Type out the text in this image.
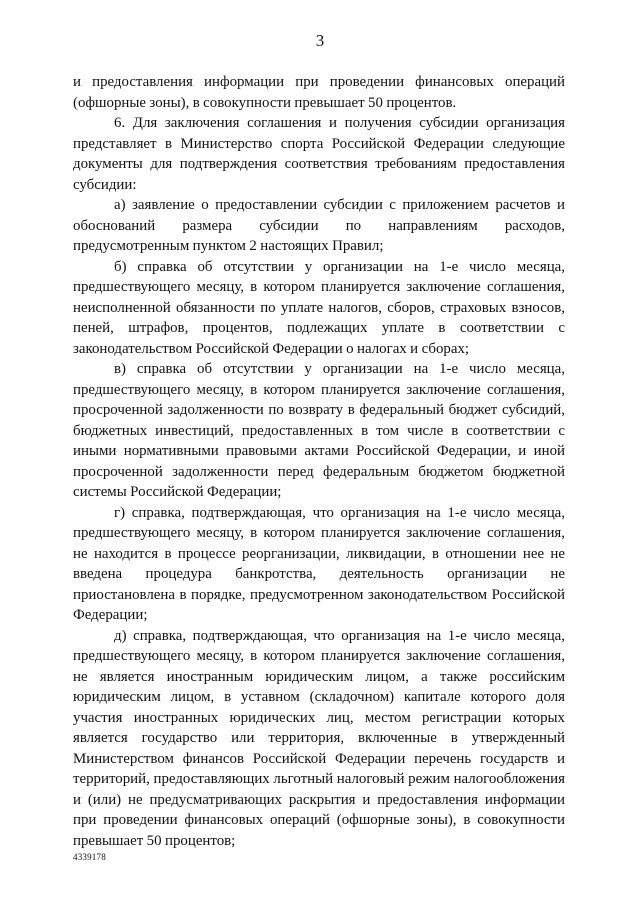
3

и предоставления информации при проведении финансовых операций (офшорные зоны), в совокупности превышает 50 процентов.

6. Для заключения соглашения и получения субсидии организация представляет в Министерство спорта Российской Федерации следующие документы для подтверждения соответствия требованиям предоставления субсидии:

а) заявление о предоставлении субсидии с приложением расчетов и обоснований размера субсидии по направлениям расходов, предусмотренным пунктом 2 настоящих Правил;

б) справка об отсутствии у организации на 1-е число месяца, предшествующего месяцу, в котором планируется заключение соглашения, неисполненной обязанности по уплате налогов, сборов, страховых взносов, пеней, штрафов, процентов, подлежащих уплате в соответствии с законодательством Российской Федерации о налогах и сборах;

в) справка об отсутствии у организации на 1-е число месяца, предшествующего месяцу, в котором планируется заключение соглашения, просроченной задолженности по возврату в федеральный бюджет субсидий, бюджетных инвестиций, предоставленных в том числе в соответствии с иными нормативными правовыми актами Российской Федерации, и иной просроченной задолженности перед федеральным бюджетом бюджетной системы Российской Федерации;

г) справка, подтверждающая, что организация на 1-е число месяца, предшествующего месяцу, в котором планируется заключение соглашения, не находится в процессе реорганизации, ликвидации, в отношении нее не введена процедура банкротства, деятельность организации не приостановлена в порядке, предусмотренном законодательством Российской Федерации;

д) справка, подтверждающая, что организация на 1-е число месяца, предшествующего месяцу, в котором планируется заключение соглашения, не является иностранным юридическим лицом, а также российским юридическим лицом, в уставном (складочном) капитале которого доля участия иностранных юридических лиц, местом регистрации которых является государство или территория, включенные в утвержденный Министерством финансов Российской Федерации перечень государств и территорий, предоставляющих льготный налоговый режим налогообложения и (или) не предусматривающих раскрытия и предоставления информации при проведении финансовых операций (офшорные зоны), в совокупности превышает 50 процентов;

4339178
